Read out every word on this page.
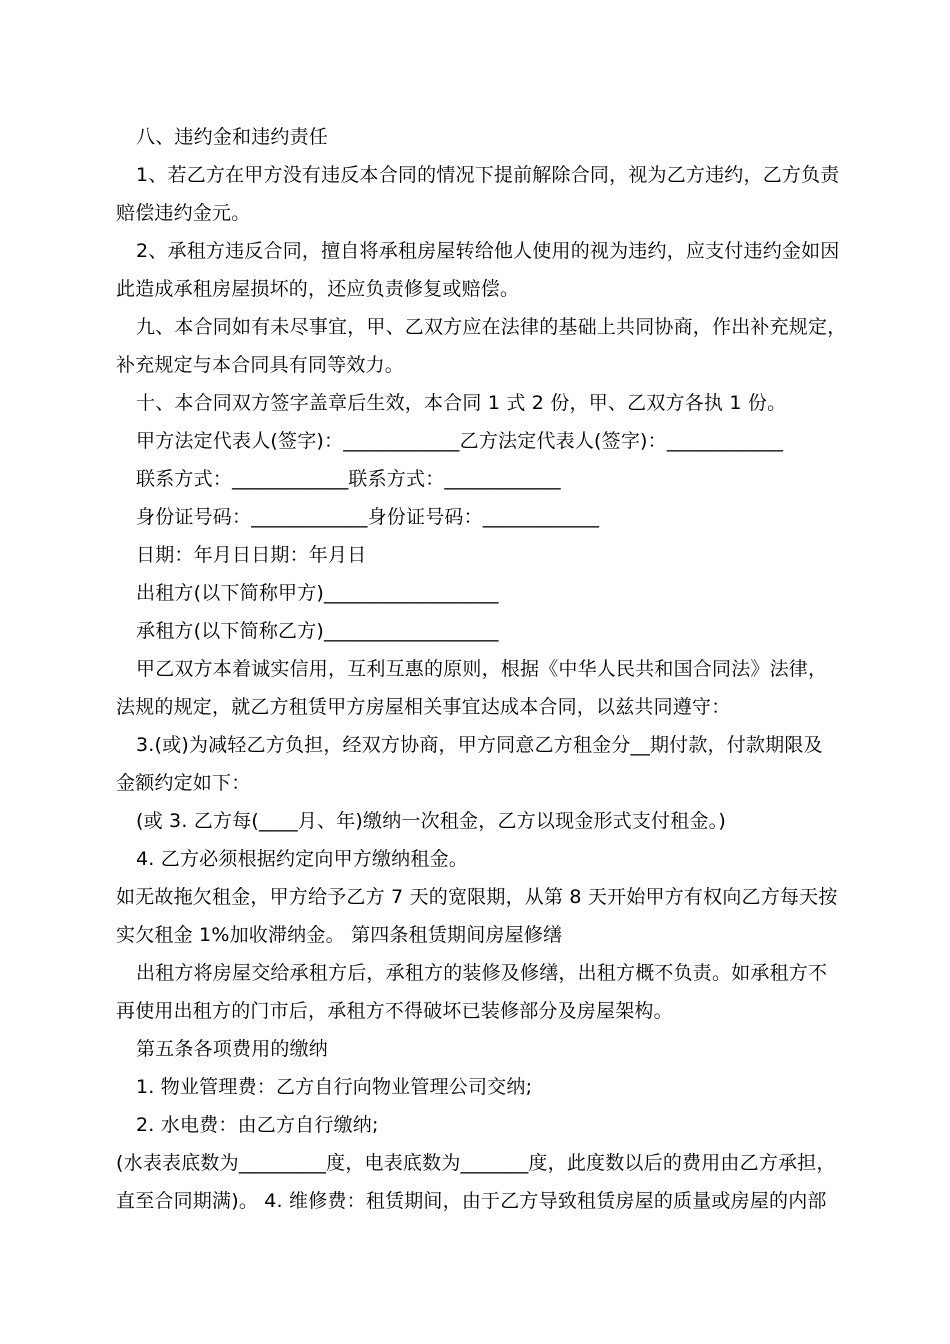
八、违约金和违约责任

1、若乙方在甲方没有违反本合同的情况下提前解除合同，视为乙方违约，乙方负责

赔偿违约金元。

2、承租方违反合同，擅自将承租房屋转给他人使用的视为违约，应支付违约金如因

此造成承租房屋损坏的，还应负责修复或赔偿。

九、本合同如有未尽事宜，甲、乙双方应在法律的基础上共同协商，作出补充规定，

补充规定与本合同具有同等效力。

十、本合同双方签字盖章后生效，本合同 1 式 2 份，甲、乙双方各执 1 份。

甲方法定代表人(签字)：____________乙方法定代表人(签字)：____________

联系方式：____________联系方式：____________

身份证号码：____________身份证号码：____________

日期：年月日日期：年月日

出租方(以下简称甲方)__________________

承租方(以下简称乙方)__________________

甲乙双方本着诚实信用，互利互惠的原则，根据《中华人民共和国合同法》法律，

法规的规定，就乙方租赁甲方房屋相关事宜达成本合同，以兹共同遵守：

3.(或)为减轻乙方负担，经双方协商，甲方同意乙方租金分__期付款，付款期限及

金额约定如下：

(或 3. 乙方每(____月、年)缴纳一次租金，乙方以现金形式支付租金。)

4. 乙方必须根据约定向甲方缴纳租金。

如无故拖欠租金，甲方给予乙方 7 天的宽限期，从第 8 天开始甲方有权向乙方每天按

实欠租金 1%加收滞纳金。 第四条租赁期间房屋修缮

出租方将房屋交给承租方后，承租方的装修及修缮，出租方概不负责。如承租方不

再使用出租方的门市后，承租方不得破坏已装修部分及房屋架构。

第五条各项费用的缴纳

1. 物业管理费：乙方自行向物业管理公司交纳;

2. 水电费：由乙方自行缴纳;

(水表表底数为_________度，电表底数为_______度，此度数以后的费用由乙方承担，

直至合同期满)。 4. 维修费：租赁期间，由于乙方导致租赁房屋的质量或房屋的内部
